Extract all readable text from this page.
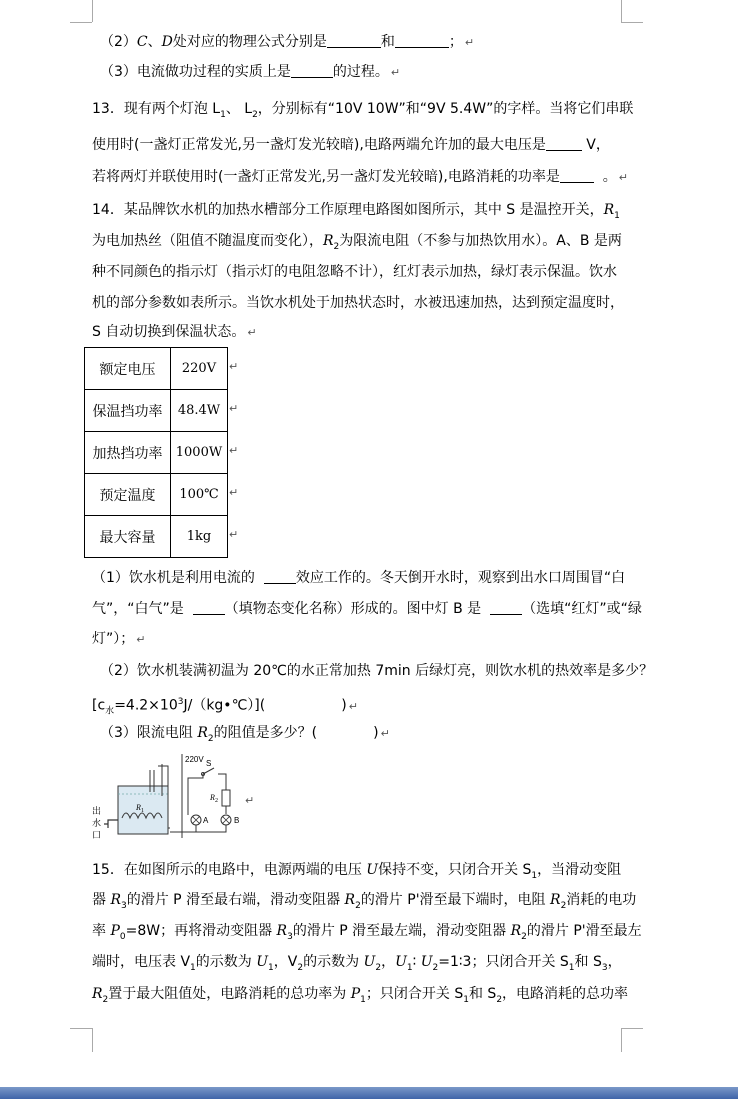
（2）C、D处对应的物理公式分别是	和	； ↵
（3）电流做功过程的实质上是	的过程。 ↵
13．现有两个灯泡 $L_1$、 $L_2$，分别标有“10V 10W”和“9V 5.4W”的字样。当将它们串联
使用时(一盏灯正常发光,另一盏灯发光较暗),电路两端允许加的最大电压是	V，
若将两灯并联使用时(一盏灯正常发光,另一盏灯发光较暗),电路消耗的功率是	。 ↵
14．某品牌饮水机的加热水槽部分工作原理电路图如图所示，其中 S 是温控开关，$R_1$
为电加热丝（阻值不随温度而变化），$R_2$为限流电阻（不参与加热饮用水）。A、B 是两
种不同颜色的指示灯（指示灯的电阻忽略不计），红灯表示加热，绿灯表示保温。饮水
机的部分参数如表所示。当饮水机处于加热状态时，水被迅速加热，达到预定温度时，
S 自动切换到保温状态。 ↵
额定电压	220V
保温挡功率	48.4W
加热挡功率	1000W
预定温度	100℃
最大容量	1kg
↵
↵
↵
↵
↵
（1）饮水机是利用电流的	效应工作的。冬天倒开水时，观察到出水口周围冒“白
气”，“白气”是	（填物态变化名称）形成的。图中灯 B 是	（选填“红灯”或“绿
灯”）； ↵
（2）饮水机装满初温为 20℃的水正常加热 7min 后绿灯亮，则饮水机的热效率是多少？
$[c_水=4.2\times 10^3J/(kg•℃)]$(	) ↵
（3）限流电阻 $R_2$的阻值是多少？(	) ↵
出
水
口
R 1
220V S
R 2
A	B
↵
15．在如图所示的电路中，电源两端的电压 U保持不变，只闭合开关 $S_1$，当滑动变阻
器 $R_3$的滑片 P 滑至最右端，滑动变阻器 $R_2$的滑片 P'滑至最下端时，电阻 $R_2$消耗的电功
率 $P_0=8W$；再将滑动变阻器 $R_3$的滑片 P 滑至最左端，滑动变阻器 $R_2$的滑片 P'滑至最左
端时，电压表 $V_1$的示数为 $U_1$，$V_2$的示数为 $U_2$，$U_1∶$ $U_2=1∶3$；只闭合开关 $S_1$和 $S_3$，
$R_2$置于最大阻值处，电路消耗的总功率为 $P_1$；只闭合开关 $S_1$和 $S_2$，电路消耗的总功率
